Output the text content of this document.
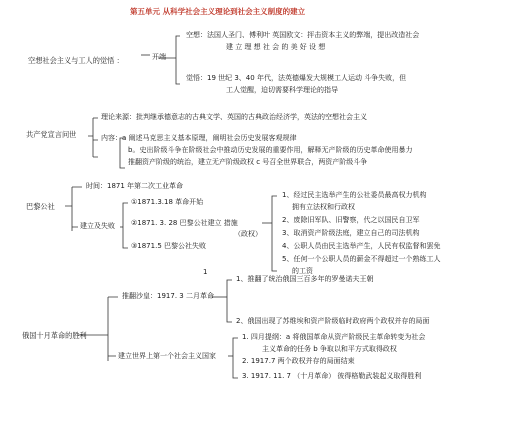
第五单元 从科学社会主义理论到社会主义制度的建立
空想社会主义与工人的觉悟 ：	开端
空想：法国人圣门、傅利叶 英国欧文：抨击资本主义的弊端，提出改造社会
建 立 理 想 社 会 的 美 好 设 想
觉悟：19 世纪 3、40 年代，法英德爆发大规模工人运动 斗争失败，但
工人觉醒，迫切需要科学理论的指导
共产党宣言问世
理论来源：批判继承德意志的古典文学、英国的古典政治经济学，英法的空想社会主义
内容：a 阐述马克思主义基本原理，阐明社会历史发展客观规律
b。史出阶级斗争在阶级社会中推动历史发展的重要作用，解释无产阶级的历史革命使用暴力
推翻资产阶级的统治，建立无产阶级政权 c 号召全世界联合，两资产阶级斗争
巴黎公社
时间：1871 年第二次工业革命
建立及失败
①1871.3.18 革命开始
②1871. 3. 28 巴黎公社建立 措施
（政权）
③1871.5 巴黎公社失败
1、经过民主选举产生的公社委员最高权力机构
拥有立法权和行政权
2、废除旧军队、旧警察，代之以国民自卫军
3、取消资产阶级法庭，建立自己的司法机构
4、公职人员由民主选举产生，人民有权监督和罢免
5、任何一个公职人员的薪金不得超过一个熟练工人
的工资
1
俄国十月革命的胜利
推翻沙皇：1917. 3 二月革命
1、推翻了统治俄国三百多年的罗曼诺夫王朝
2、俄国出现了苏维埃和资产阶级临时政府两个政权并存的局面
建立世界上第一个社会主义国家
1. 四月提纲：a 将俄国革命从资产阶级民主革命转变为社会
主义革命的任务 b 争取以和平方式取得政权
2. 1917.7 两个政权并存的局面结束
3. 1917. 11. 7 （十月革命） 彼得格勒武装起义取得胜利
